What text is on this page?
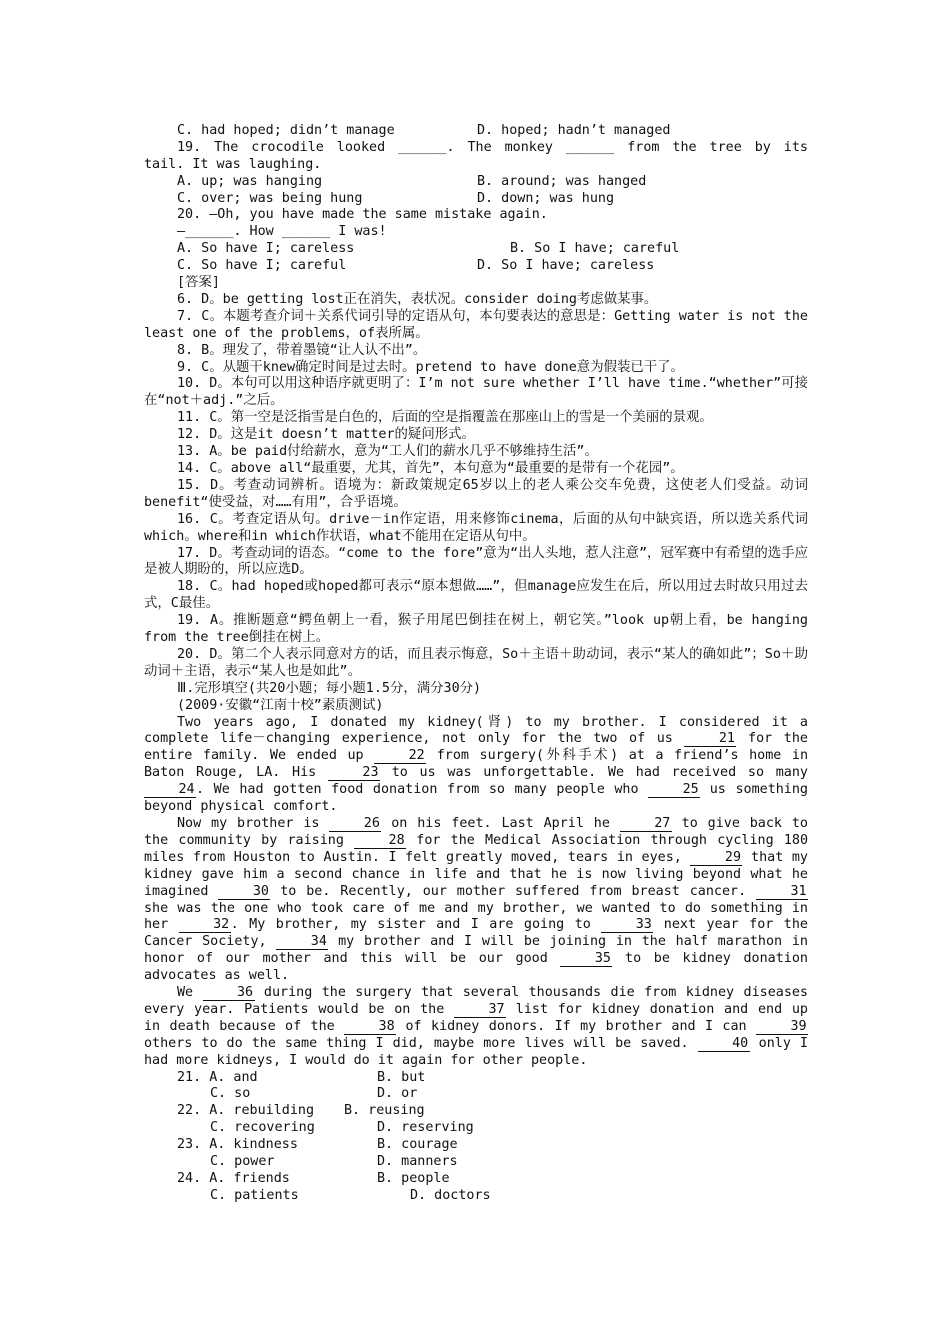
C. had hoped; didn’t manage	D. hoped; hadn’t managed
19. The crocodile looked ______. The monkey ______ from the tree by its
tail. It was laughing.
A. up; was hanging	B. around; was hanged
C. over; was being hung	D. down; was hung
20. —Oh, you have made the same mistake again.
—______. How ______ I was!
A. So have I; careless	B. So I have; careful
C. So have I; careful	D. So I have; careless
[答案]
6. D。be getting lost正在消失，表状况。consider doing考虑做某事。
7. C。本题考查介词＋关系代词引导的定语从句，本句要表达的意思是：Getting water is not the least one of the problems，of表所属。
8. B。理发了，带着墨镜“让人认不出”。
9. C。从题干knew确定时间是过去时。pretend to have done意为假装已干了。
10. D。本句可以用这种语序就更明了：I’m not sure whether I’ll have time.“whether”可接在“not＋adj.”之后。
11. C。第一空是泛指雪是白色的，后面的空是指覆盖在那座山上的雪是一个美丽的景观。
12. D。这是it doesn’t matter的疑问形式。
13. A。be paid付给薪水，意为“工人们的薪水几乎不够维持生活”。
14. C。above all“最重要，尤其，首先”，本句意为“最重要的是带有一个花园”。
15. D。考查动词辨析。语境为：新政策规定65岁以上的老人乘公交车免费，这使老人们受益。动词benefit“使受益，对……有用”，合乎语境。
16. C。考查定语从句。drive－in作定语，用来修饰cinema，后面的从句中缺宾语，所以选关系代词which。where和in which作状语，what不能用在定语从句中。
17. D。考查动词的语态。“come to the fore”意为“出人头地，惹人注意”，冠军赛中有希望的选手应是被人期盼的，所以应选D。
18. C。had hoped或hoped都可表示“原本想做……”，但manage应发生在后，所以用过去时故只用过去式，C最佳。
19. A。推断题意“鳄鱼朝上一看，猴子用尾巴倒挂在树上，朝它笑。”look up朝上看，be hanging from the tree倒挂在树上。
20. D。第二个人表示同意对方的话，而且表示悔意，So＋主语＋助动词，表示“某人的确如此”；So＋助动词＋主语，表示“某人也是如此”。
Ⅲ.完形填空(共20小题；每小题1.5分，满分30分)
(2009·安徽“江南十校”素质测试)
Two years ago, I donated my kidney(肾) to my brother. I considered it a complete life－changing experience, not only for the two of us	21 for the entire family. We ended up	22 from surgery(外科手术) at a friend’s home in Baton Rouge, LA. His	23 to us was unforgettable. We had received so many 24. We had gotten food donation from so many people who	25 us something beyond physical comfort.
Now my brother is	26 on his feet. Last April he	27 to give back to the community by raising	28 for the Medical Association through cycling 180 miles from Houston to Austin. I felt greatly moved, tears in eyes,	29 that my kidney gave him a second chance in life and that he is now living beyond what he imagined	30 to be. Recently, our mother suffered from breast cancer.	31 she was the one who took care of me and my brother, we wanted to do something in her	32. My brother, my sister and I are going to	33 next year for the Cancer Society,	34 my brother and I will be joining in the half marathon in honor of our mother and this will be our good	35 to be kidney donation advocates as well.
We	36 during the surgery that several thousands die from kidney diseases every year. Patients would be on the	37 list for kidney donation and end up in death because of the	38 of kidney donors. If my brother and I can	39 others to do the same thing I did, maybe more lives will be saved.	40 only I had more kidneys, I would do it again for other people.
21. A. and	B. but
C. so	D. or
22. A. rebuilding	B. reusing
C. recovering	D. reserving
23. A. kindness	B. courage
C. power	D. manners
24. A. friends	B. people
C. patients	D. doctors
